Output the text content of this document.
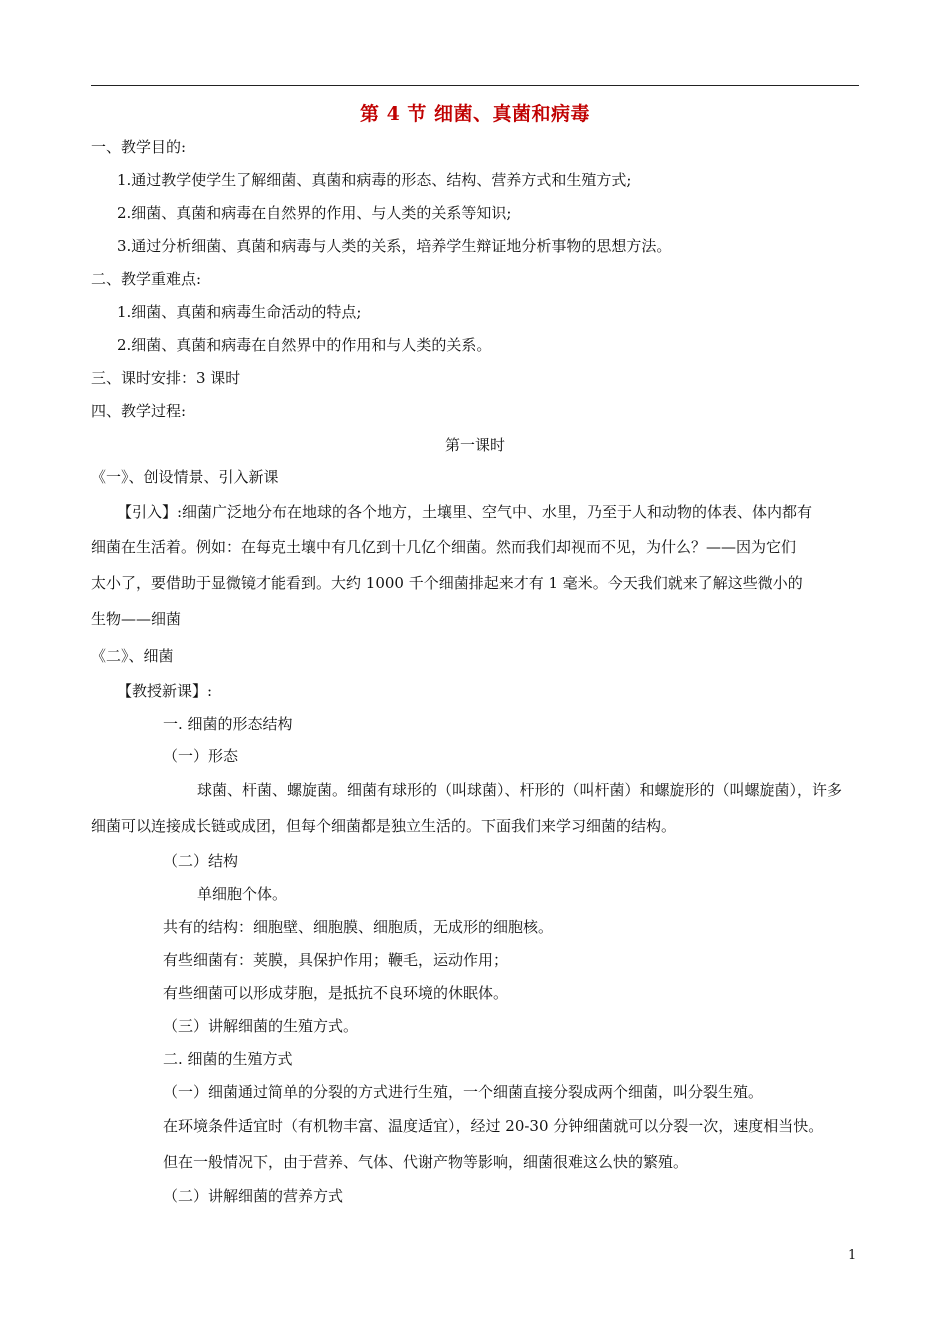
第 4 节 细菌、真菌和病毒
一、教学目的:
1.通过教学使学生了解细菌、真菌和病毒的形态、结构、营养方式和生殖方式;
2.细菌、真菌和病毒在自然界的作用、与人类的关系等知识;
3.通过分析细菌、真菌和病毒与人类的关系，培养学生辩证地分析事物的思想方法。
二、教学重难点:
1.细菌、真菌和病毒生命活动的特点;
2.细菌、真菌和病毒在自然界中的作用和与人类的关系。
三、课时安排：3 课时
四、教学过程:
第一课时
《一》、创设情景、引入新课
【引入】:细菌广泛地分布在地球的各个地方，土壤里、空气中、水里，乃至于人和动物的体表、体内都有
细菌在生活着。例如：在每克土壤中有几亿到十几亿个细菌。然而我们却视而不见，为什么？——因为它们
太小了，要借助于显微镜才能看到。大约 1000 千个细菌排起来才有 1 毫米。今天我们就来了解这些微小的
生物——细菌
《二》、细菌
【教授新课】:
一. 细菌的形态结构
（一）形态
球菌、杆菌、螺旋菌。细菌有球形的（叫球菌）、杆形的（叫杆菌）和螺旋形的（叫螺旋菌），许多
细菌可以连接成长链或成团，但每个细菌都是独立生活的。下面我们来学习细菌的结构。
（二）结构
单细胞个体。
共有的结构：细胞壁、细胞膜、细胞质，无成形的细胞核。
有些细菌有：荚膜，具保护作用；鞭毛，运动作用；
有些细菌可以形成芽胞，是抵抗不良环境的休眠体。
（三）讲解细菌的生殖方式。
二. 细菌的生殖方式
（一）细菌通过简单的分裂的方式进行生殖，一个细菌直接分裂成两个细菌，叫分裂生殖。
在环境条件适宜时（有机物丰富、温度适宜），经过 20-30 分钟细菌就可以分裂一次，速度相当快。
但在一般情况下，由于营养、气体、代谢产物等影响，细菌很难这么快的繁殖。
（二）讲解细菌的营养方式
1
